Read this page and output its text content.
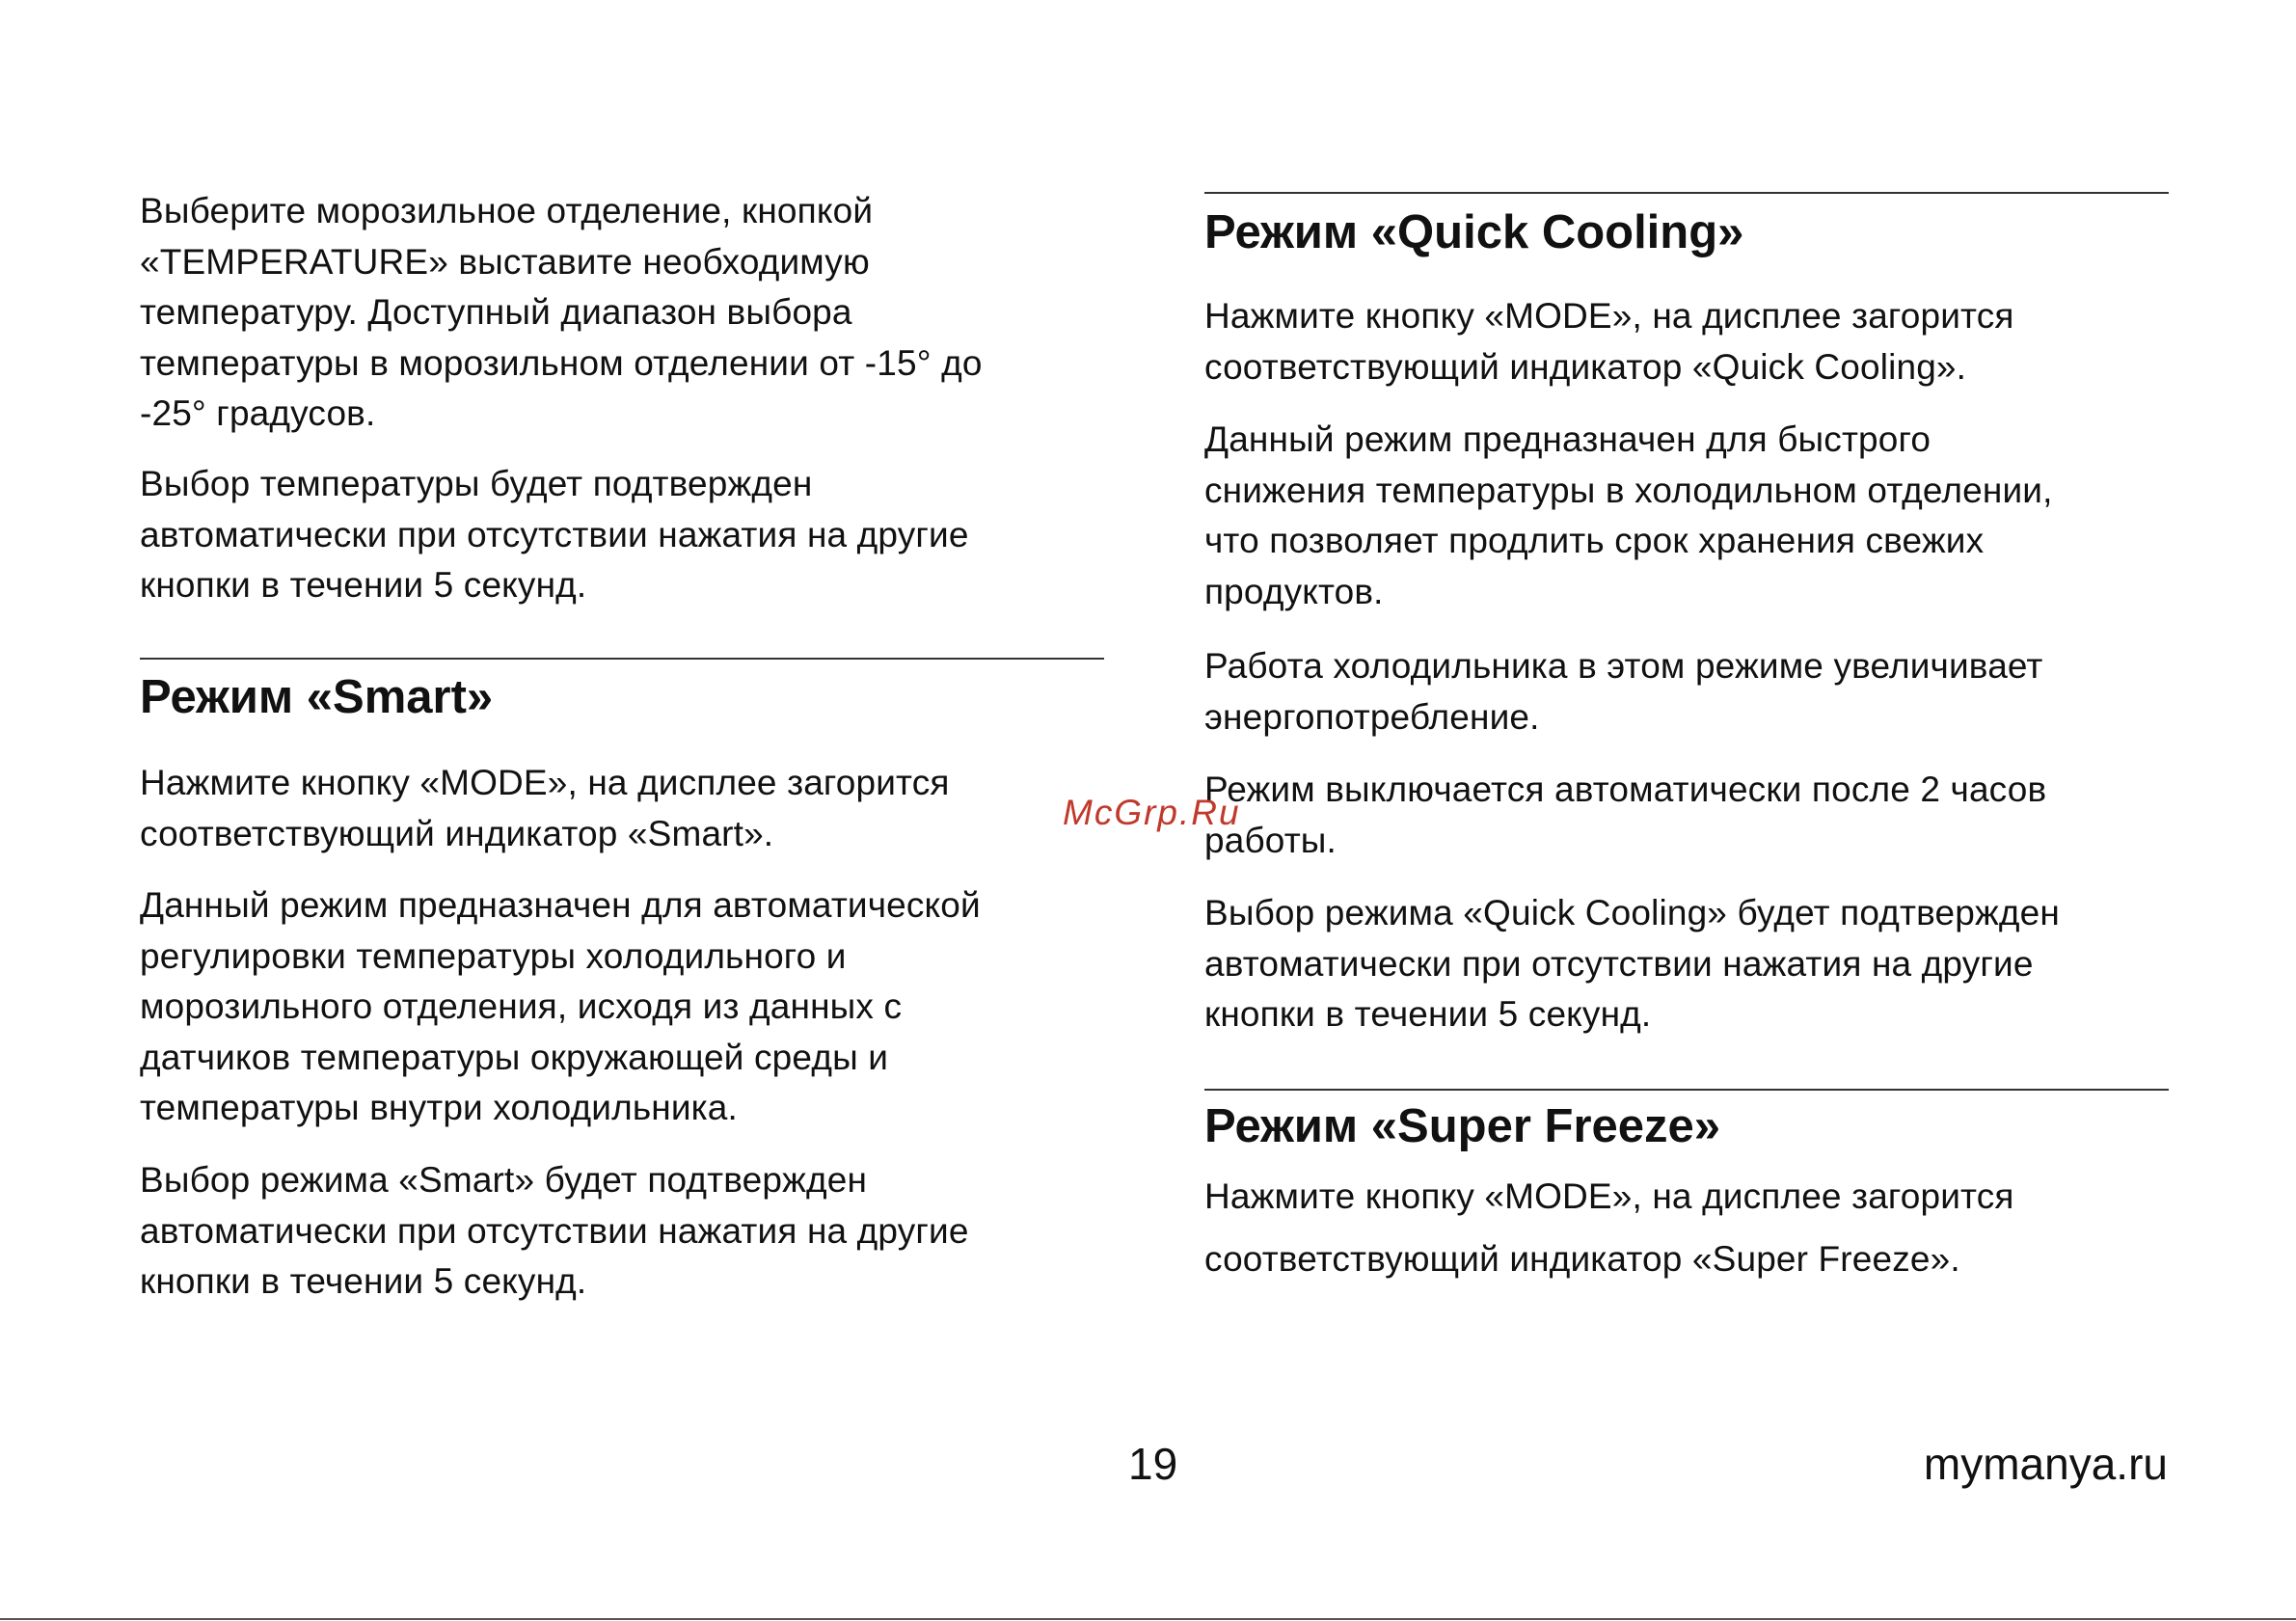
Выберите морозильное отделение, кнопкой
«TEMPERATURE» выставите необходимую
температуру. Доступный диапазон выбора
температуры в морозильном отделении от -15° до
-25° градусов.

Выбор температуры будет подтвержден
автоматически при отсутствии нажатия на другие
кнопки в течении 5 секунд.

Режим «Smart»

Нажмите кнопку «MODE», на дисплее загорится
соответствующий индикатор «Smart».

Данный режим предназначен для автоматической
регулировки температуры холодильного и
морозильного отделения, исходя из данных с
датчиков температуры окружающей среды и
температуры внутри холодильника.

Выбор режима «Smart» будет подтвержден
автоматически при отсутствии нажатия на другие
кнопки в течении 5 секунд.

Режим «Quick Cooling»

Нажмите кнопку «MODE», на дисплее загорится
соответствующий индикатор «Quick Cooling».

Данный режим предназначен для быстрого
снижения температуры в холодильном отделении,
что позволяет продлить срок хранения свежих
продуктов.

Работа холодильника в этом режиме увеличивает
энергопотребление.

Режим выключается автоматически после 2 часов
работы.

Выбор режима «Quick Cooling» будет подтвержден
автоматически при отсутствии нажатия на другие
кнопки в течении 5 секунд.

Режим «Super Freeze»

Нажмите кнопку «MODE», на дисплее загорится

соответствующий индикатор «Super Freeze».

McGrp.Ru
19	mymanya.ru
